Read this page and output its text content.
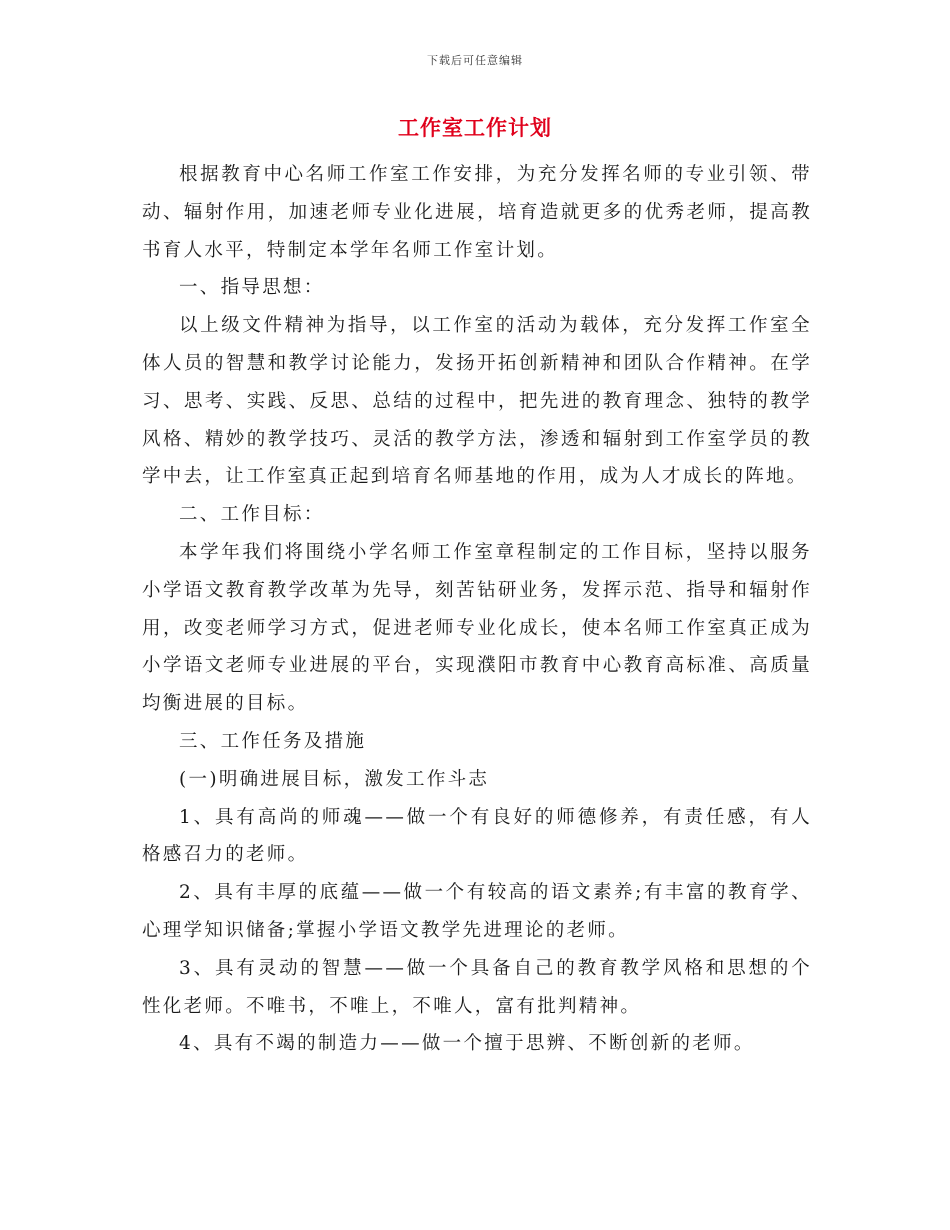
下载后可任意编辑
工作室工作计划

根据教育中心名师工作室工作安排，为充分发挥名师的专业引领、带动、辐射作用，加速老师专业化进展，培育造就更多的优秀老师，提高教书育人水平，特制定本学年名师工作室计划。

一、指导思想：

以上级文件精神为指导，以工作室的活动为载体，充分发挥工作室全体人员的智慧和教学讨论能力，发扬开拓创新精神和团队合作精神。在学习、思考、实践、反思、总结的过程中，把先进的教育理念、独特的教学风格、精妙的教学技巧、灵活的教学方法，渗透和辐射到工作室学员的教学中去，让工作室真正起到培育名师基地的作用，成为人才成长的阵地。

二、工作目标：

本学年我们将围绕小学名师工作室章程制定的工作目标，坚持以服务小学语文教育教学改革为先导，刻苦钻研业务，发挥示范、指导和辐射作用，改变老师学习方式，促进老师专业化成长，使本名师工作室真正成为小学语文老师专业进展的平台，实现濮阳市教育中心教育高标准、高质量均衡进展的目标。

三、工作任务及措施

(一)明确进展目标，激发工作斗志

1、具有高尚的师魂——做一个有良好的师德修养，有责任感，有人格感召力的老师。

2、具有丰厚的底蕴——做一个有较高的语文素养;有丰富的教育学、心理学知识储备;掌握小学语文教学先进理论的老师。

3、具有灵动的智慧——做一个具备自己的教育教学风格和思想的个性化老师。不唯书，不唯上，不唯人，富有批判精神。

4、具有不竭的制造力——做一个擅于思辨、不断创新的老师。
